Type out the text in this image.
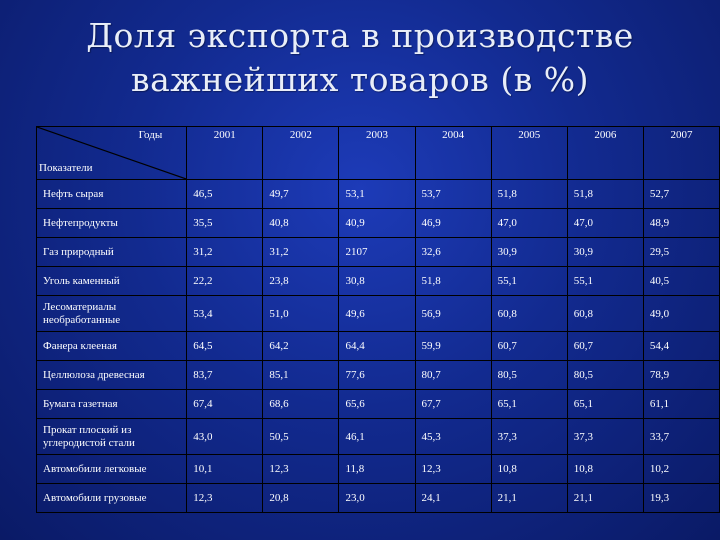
Доля экспорта в производстве
важнейших товаров (в %)
Годы
Показатели	2001	2002	2003	2004	2005	2006	2007
Нефть сырая	46,5	49,7	53,1	53,7	51,8	51,8	52,7
Нефтепродукты	35,5	40,8	40,9	46,9	47,0	47,0	48,9
Газ природный	31,2	31,2	2107	32,6	30,9	30,9	29,5
Уголь каменный	22,2	23,8	30,8	51,8	55,1	55,1	40,5
Лесоматериалы необработанные	53,4	51,0	49,6	56,9	60,8	60,8	49,0
Фанера клееная	64,5	64,2	64,4	59,9	60,7	60,7	54,4
Целлюлоза древесная	83,7	85,1	77,6	80,7	80,5	80,5	78,9
Бумага газетная	67,4	68,6	65,6	67,7	65,1	65,1	61,1
Прокат плоский из углеродистой стали	43,0	50,5	46,1	45,3	37,3	37,3	33,7
Автомобили легковые	10,1	12,3	11,8	12,3	10,8	10,8	10,2
Автомобили грузовые	12,3	20,8	23,0	24,1	21,1	21,1	19,3
